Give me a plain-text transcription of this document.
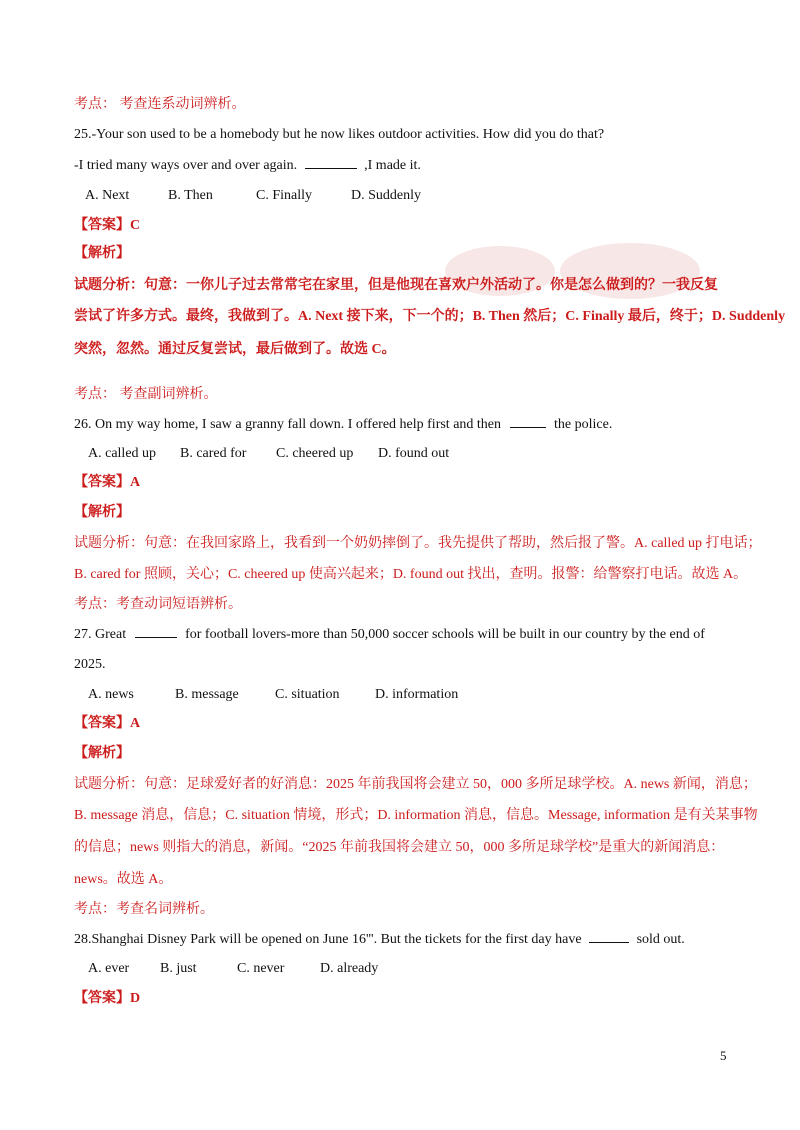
考点： 考查连系动词辨析。
25.-Your son used to be a homebody but he now likes outdoor activities. How did you do that?
-I tried many ways over and over again.	,I made it.
A. Next	B. Then	C. Finally	D. Suddenly
【答案】C
【解析】
试题分析：句意：一你儿子过去常常宅在家里，但是他现在喜欢户外活动了。你是怎么做到的？一我反复
尝试了许多方式。最终，我做到了。A. Next 接下来，下一个的；B. Then 然后；C. Finally 最后，终于；D. Suddenly
突然，忽然。通过反复尝试，最后做到了。故选 C。
考点： 考查副词辨析。
26. On my way home, I saw a granny fall down. I offered help first and then	the police.
A. called up B. cared for C. cheered up D. found out
【答案】A
【解析】
试题分析：句意：在我回家路上，我看到一个奶奶摔倒了。我先提供了帮助，然后报了警。A. called up 打电话；
B. cared for 照顾，关心；C. cheered up 使高兴起来；D. found out 找出，查明。报警：给警察打电话。故选 A。
考点：考查动词短语辨析。
27. Great	for football lovers-more than 50,000 soccer schools will be built in our country by the end of
2025.
A. news	B. message	C. situation	D. information
【答案】A
【解析】
试题分析：句意：足球爱好者的好消息：2025 年前我国将会建立 50，000 多所足球学校。A. news 新闻，消息；
B. message 消息，信息；C. situation 情境，形式；D. information 消息，信息。Message, information 是有关某事物
的信息；news 则指大的消息，新闻。“2025 年前我国将会建立 50，000 多所足球学校”是重大的新闻消息：
news。故选 A。
考点：考查名词辨析。
28.Shanghai Disney Park will be opened on June 16'''. But the tickets for the first day have	sold out.
A. ever B. just	C. never	D. already
【答案】D
5
